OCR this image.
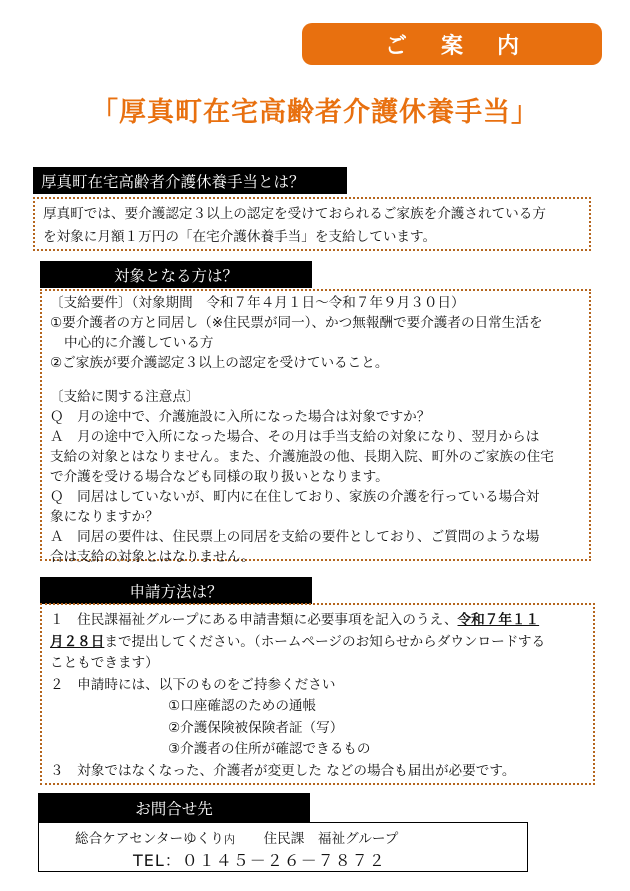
ご案内
「厚真町在宅高齢者介護休養手当」
厚真町在宅高齢者介護休養手当とは？
厚真町では、要介護認定３以上の認定を受けておられるご家族を介護されている方
を対象に月額１万円の「在宅介護休養手当」を支給しています。
対象となる方は？
〔支給要件〕（対象期間　令和７年４月１日～令和７年９月３０日）
①要介護者の方と同居し（※住民票が同一）、かつ無報酬で要介護者の日常生活を
中心的に介護している方
②ご家族が要介護認定３以上の認定を受けていること。
〔支給に関する注意点〕
Ｑ　月の途中で、介護施設に入所になった場合は対象ですか？
Ａ　月の途中で入所になった場合、その月は手当支給の対象になり、翌月からは
支給の対象とはなりません。また、介護施設の他、長期入院、町外のご家族の住宅
で介護を受ける場合なども同様の取り扱いとなります。
Ｑ　同居はしていないが、町内に在住しており、家族の介護を行っている場合対
象になりますか？
Ａ　同居の要件は、住民票上の同居を支給の要件としており、ご質問のような場
合は支給の対象とはなりません。
申請方法は？
１　住民課福祉グループにある申請書類に必要事項を記入のうえ、令和７年１１
月２８日まで提出してください。（ホームページのお知らせからダウンロードする
こともできます）
２　申請時には、以下のものをご持参ください
①口座確認のための通帳
②介護保険被保険者証（写）
③介護者の住所が確認できるもの
３　対象ではなくなった、介護者が変更した などの場合も届出が必要です。
お問合せ先
総合ケアセンターゆくり内 住民課　福祉グループ
TEL：０１４５－２６－７８７２
